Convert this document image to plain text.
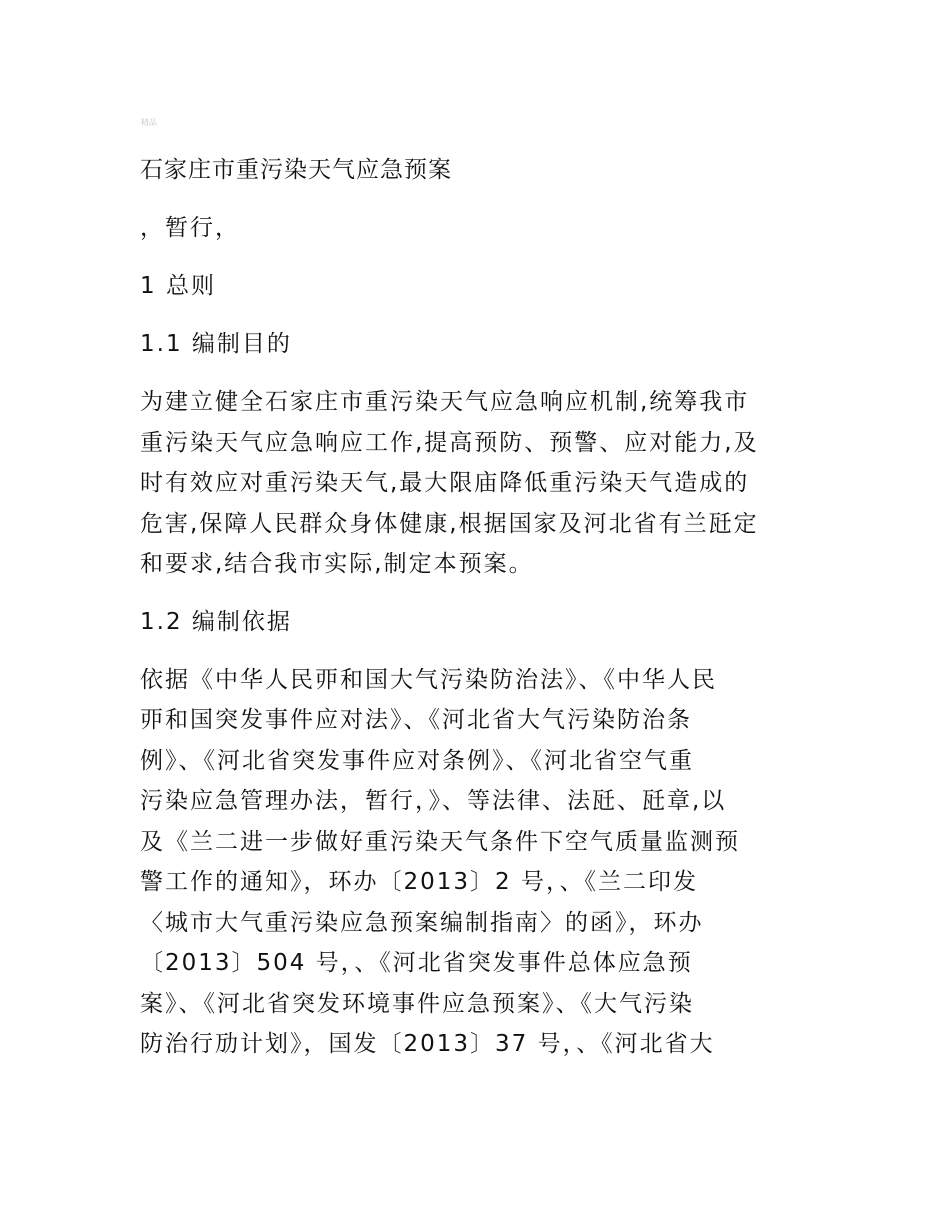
精品

石家庄市重污染天气应急预案

，暂行，

1 总则

1.1 编制目的

为建立健全石家庄市重污染天气应急响应机制,统筹我市

重污染天气应急响应工作,提高预防、预警、应对能力,及

时有效应对重污染天气,最大限庙降低重污染天气造成的

危害,保障人民群众身体健康,根据国家及河北省有兰瓩定

和要求,结合我市实际,制定本预案。

1.2 编制依据

依据《中华人民丣和国大气污染防治法》、《中华人民

丣和国突发事件应对法》、《河北省大气污染防治条

例》、《河北省突发事件应对条例》、《河北省空气重

污染应急管理办法，暂行，》、等法律、法瓩、瓩章,以

及《兰二进一步做好重污染天气条件下空气质量监测预

警工作的通知》，环办〔2013〕2 号，、《兰二印发

〈城市大气重污染应急预案编制指南〉的函》，环办

〔2013〕504 号，、《河北省突发事件总体应急预

案》、《河北省突发环境事件应急预案》、《大气污染

防治行劢计划》，国发〔2013〕37 号，、《河北省大
